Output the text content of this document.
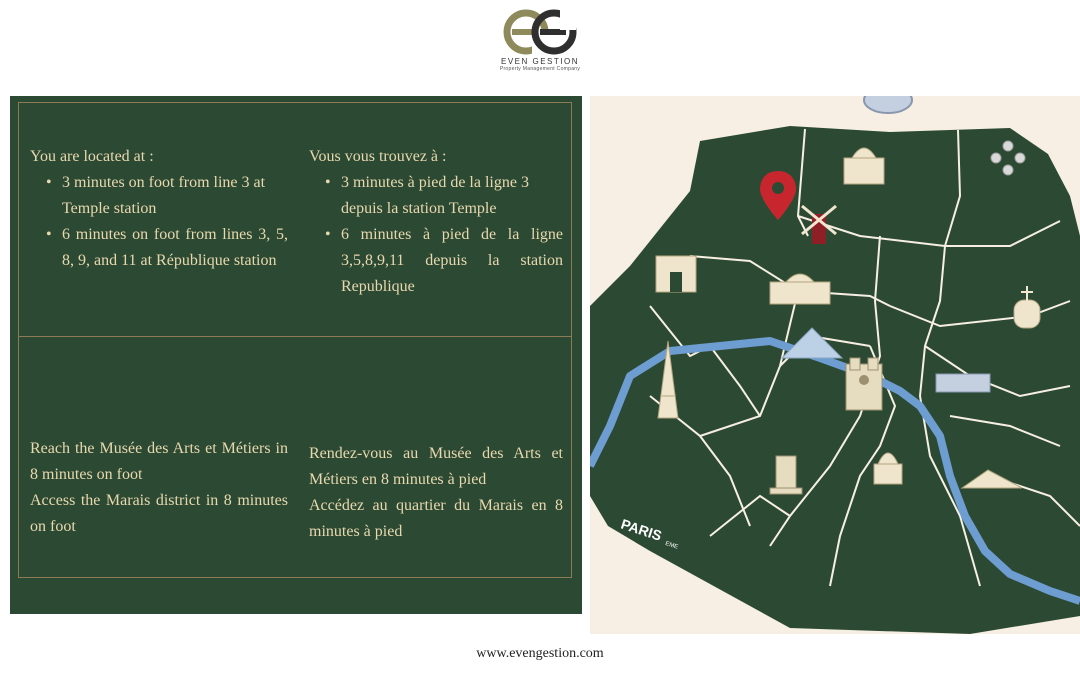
EVEN GESTION
Property Management Company
You are located at :
• 3 minutes on foot from line 3 at Temple station
• 6 minutes on foot from lines 3, 5, 8, 9, and 11 at République station
Vous vous trouvez à :
• 3 minutes à pied de la ligne 3 depuis la station Temple
• 6 minutes à pied de la ligne 3,5,8,9,11 depuis la station Republique
Reach the Musée des Arts et Métiers in 8 minutes on foot
Access the Marais district in 8 minutes on foot
Rendez-vous au Musée des Arts et Métiers en 8 minutes à pied
Accédez au quartier du Marais en 8 minutes à pied	PARIS
EME
www.evengestion.com
